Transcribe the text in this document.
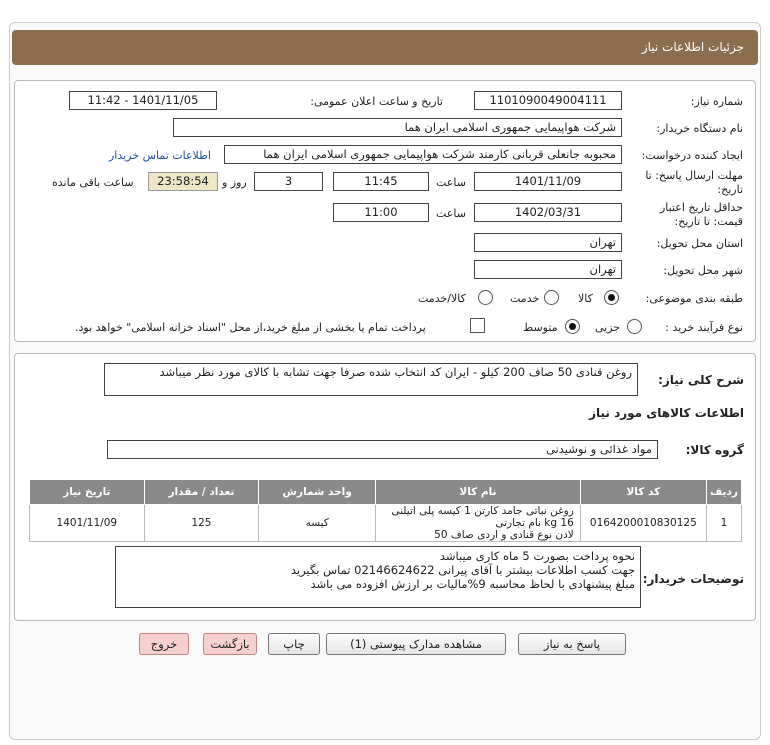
جزئیات اطلاعات نیاز
شماره نیاز:
1101090049004111
تاریخ و ساعت اعلان عمومی:
1401/11/05 - 11:42
نام دستگاه خریدار:
شرکت هواپیمایی جمهوری اسلامی ایران هما
ایجاد کننده درخواست:
محبوبه جانعلی قربانی کارمند شرکت هواپیمایی جمهوری اسلامی ایران هما
اطلاعات تماس خریدار
مهلت ارسال پاسخ: تا
تاریخ:
1401/11/09
ساعت
11:45
3
روز و
23:58:54
ساعت باقی مانده
حداقل تاریخ اعتبار
قیمت: تا تاریخ:
1402/03/31
ساعت
11:00
استان محل تحویل:
تهران
شهر محل تحویل:
تهران
طبقه بندی موضوعی:
کالا
خدمت
کالا/خدمت
نوع فرآیند خرید :
جزیی
متوسط
پرداخت تمام یا بخشی از مبلغ خرید،از محل "اسناد خزانه اسلامی" خواهد بود.
شرح کلی نیاز:
روغن قنادی 50 صاف 200 کیلو - ایران کد انتخاب شده صرفا جهت تشابه با کالای مورد نظر میباشد
اطلاعات کالاهای مورد نیاز
گروه کالا:
مواد غذائی و نوشیدنی
ردیف	کد کالا	نام کالا	واحد شمارش	تعداد / مقدار	تاریخ نیاز
1	0164200010830125	روغن نباتی جامد کارتن 1 کیسه پلی اتیلنی 16 kg نام تجارتی
لادن نوع قنادی و اردی صاف 50	کیسه	125	1401/11/09
توضیحات خریدار:
نحوه پرداخت بصورت 5 ماه کاری میباشد
جهت کسب اطلاعات بیشتر با آقای پیرانی 02146624622 تماس بگیرید
مبلغ پیشنهادی با لحاظ محاسبه 9%مالیات بر ارزش افزوده می باشد
پاسخ به نیاز
مشاهده مدارک پیوستی (1)
چاپ
بازگشت
خروج
